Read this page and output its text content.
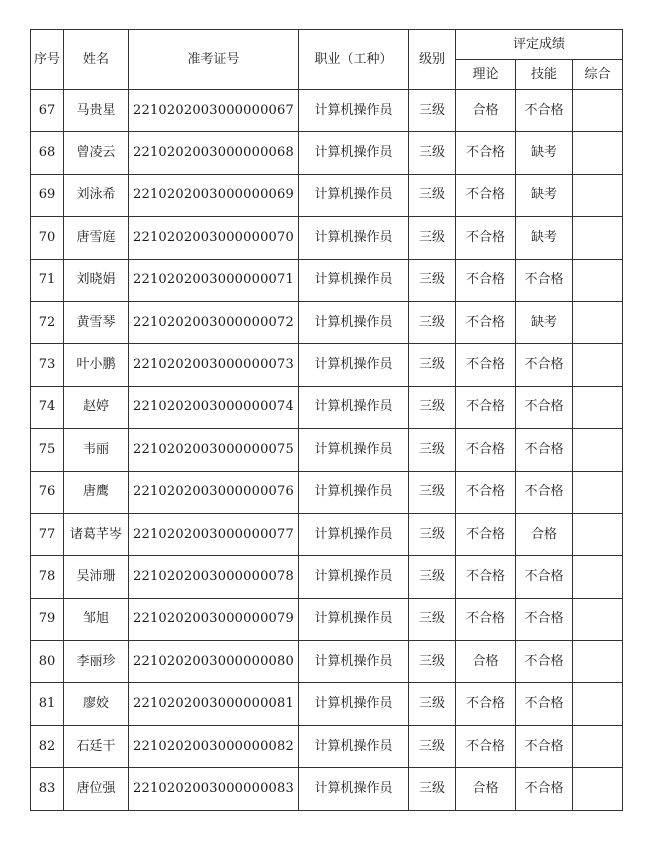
序号	姓名	准考证号	职业（工种）	级别	评定成绩		
					理论	技能	综合
67	马贵星	2210202003000000067	计算机操作员	三级	合格	不合格	
68	曾凌云	2210202003000000068	计算机操作员	三级	不合格	缺考	
69	刘泳希	2210202003000000069	计算机操作员	三级	不合格	缺考	
70	唐雪庭	2210202003000000070	计算机操作员	三级	不合格	缺考	
71	刘晓娟	2210202003000000071	计算机操作员	三级	不合格	不合格	
72	黄雪琴	2210202003000000072	计算机操作员	三级	不合格	缺考	
73	叶小鹏	2210202003000000073	计算机操作员	三级	不合格	不合格	
74	赵婷	2210202003000000074	计算机操作员	三级	不合格	不合格	
75	韦丽	2210202003000000075	计算机操作员	三级	不合格	不合格	
76	唐鹰	2210202003000000076	计算机操作员	三级	不合格	不合格	
77	诸葛芊岑	2210202003000000077	计算机操作员	三级	不合格	合格	
78	吴沛珊	2210202003000000078	计算机操作员	三级	不合格	不合格	
79	邹旭	2210202003000000079	计算机操作员	三级	不合格	不合格	
80	李丽珍	2210202003000000080	计算机操作员	三级	合格	不合格	
81	廖姣	2210202003000000081	计算机操作员	三级	不合格	不合格	
82	石廷干	2210202003000000082	计算机操作员	三级	不合格	不合格	
83	唐位强	2210202003000000083	计算机操作员	三级	合格	不合格	
